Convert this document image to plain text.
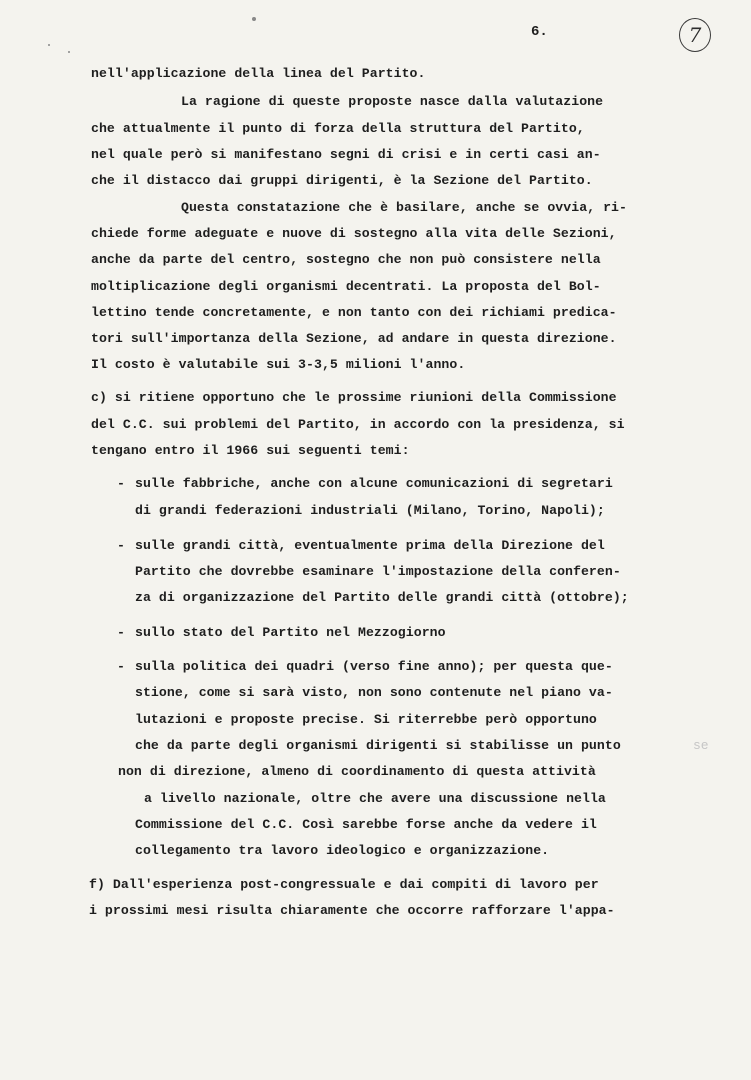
6.	7
nell'applicazione della linea del Partito.
La ragione di queste proposte nasce dalla valutazione
che attualmente il punto di forza della struttura del Partito,
nel quale però si manifestano segni di crisi e in certi casi an-
che il distacco dai gruppi dirigenti, è la Sezione del Partito.
Questa constatazione che è basilare, anche se ovvia, ri-
chiede forme adeguate e nuove di sostegno alla vita delle Sezioni,
anche da parte del centro, sostegno che non può consistere nella
moltiplicazione degli organismi decentrati. La proposta del Bol-
lettino tende concretamente, e non tanto con dei richiami predica-
tori sull'importanza della Sezione, ad andare in questa direzione.
Il costo è valutabile sui 3-3,5 milioni l'anno.
c) si ritiene opportuno che le prossime riunioni della Commissione
del C.C. sui problemi del Partito, in accordo con la presidenza, si
tengano entro il 1966 sui seguenti temi:
- sulle fabbriche, anche con alcune comunicazioni di segretari
di grandi federazioni industriali (Milano, Torino, Napoli);
- sulle grandi città, eventualmente prima della Direzione del
Partito che dovrebbe esaminare l'impostazione della conferen-
za di organizzazione del Partito delle grandi città (ottobre);
- sullo stato del Partito nel Mezzogiorno
- sulla politica dei quadri (verso fine anno); per questa que-
stione, come si sarà visto, non sono contenute nel piano va-
lutazioni e proposte precise. Si riterrebbe però opportuno
che da parte degli organismi dirigenti si stabilisse un punto	se
non di direzione, almeno di coordinamento di questa attività
a livello nazionale, oltre che avere una discussione nella
Commissione del C.C. Così sarebbe forse anche da vedere il
collegamento tra lavoro ideologico e organizzazione.
f) Dall'esperienza post-congressuale e dai compiti di lavoro per
i prossimi mesi risulta chiaramente che occorre rafforzare l'appa-
